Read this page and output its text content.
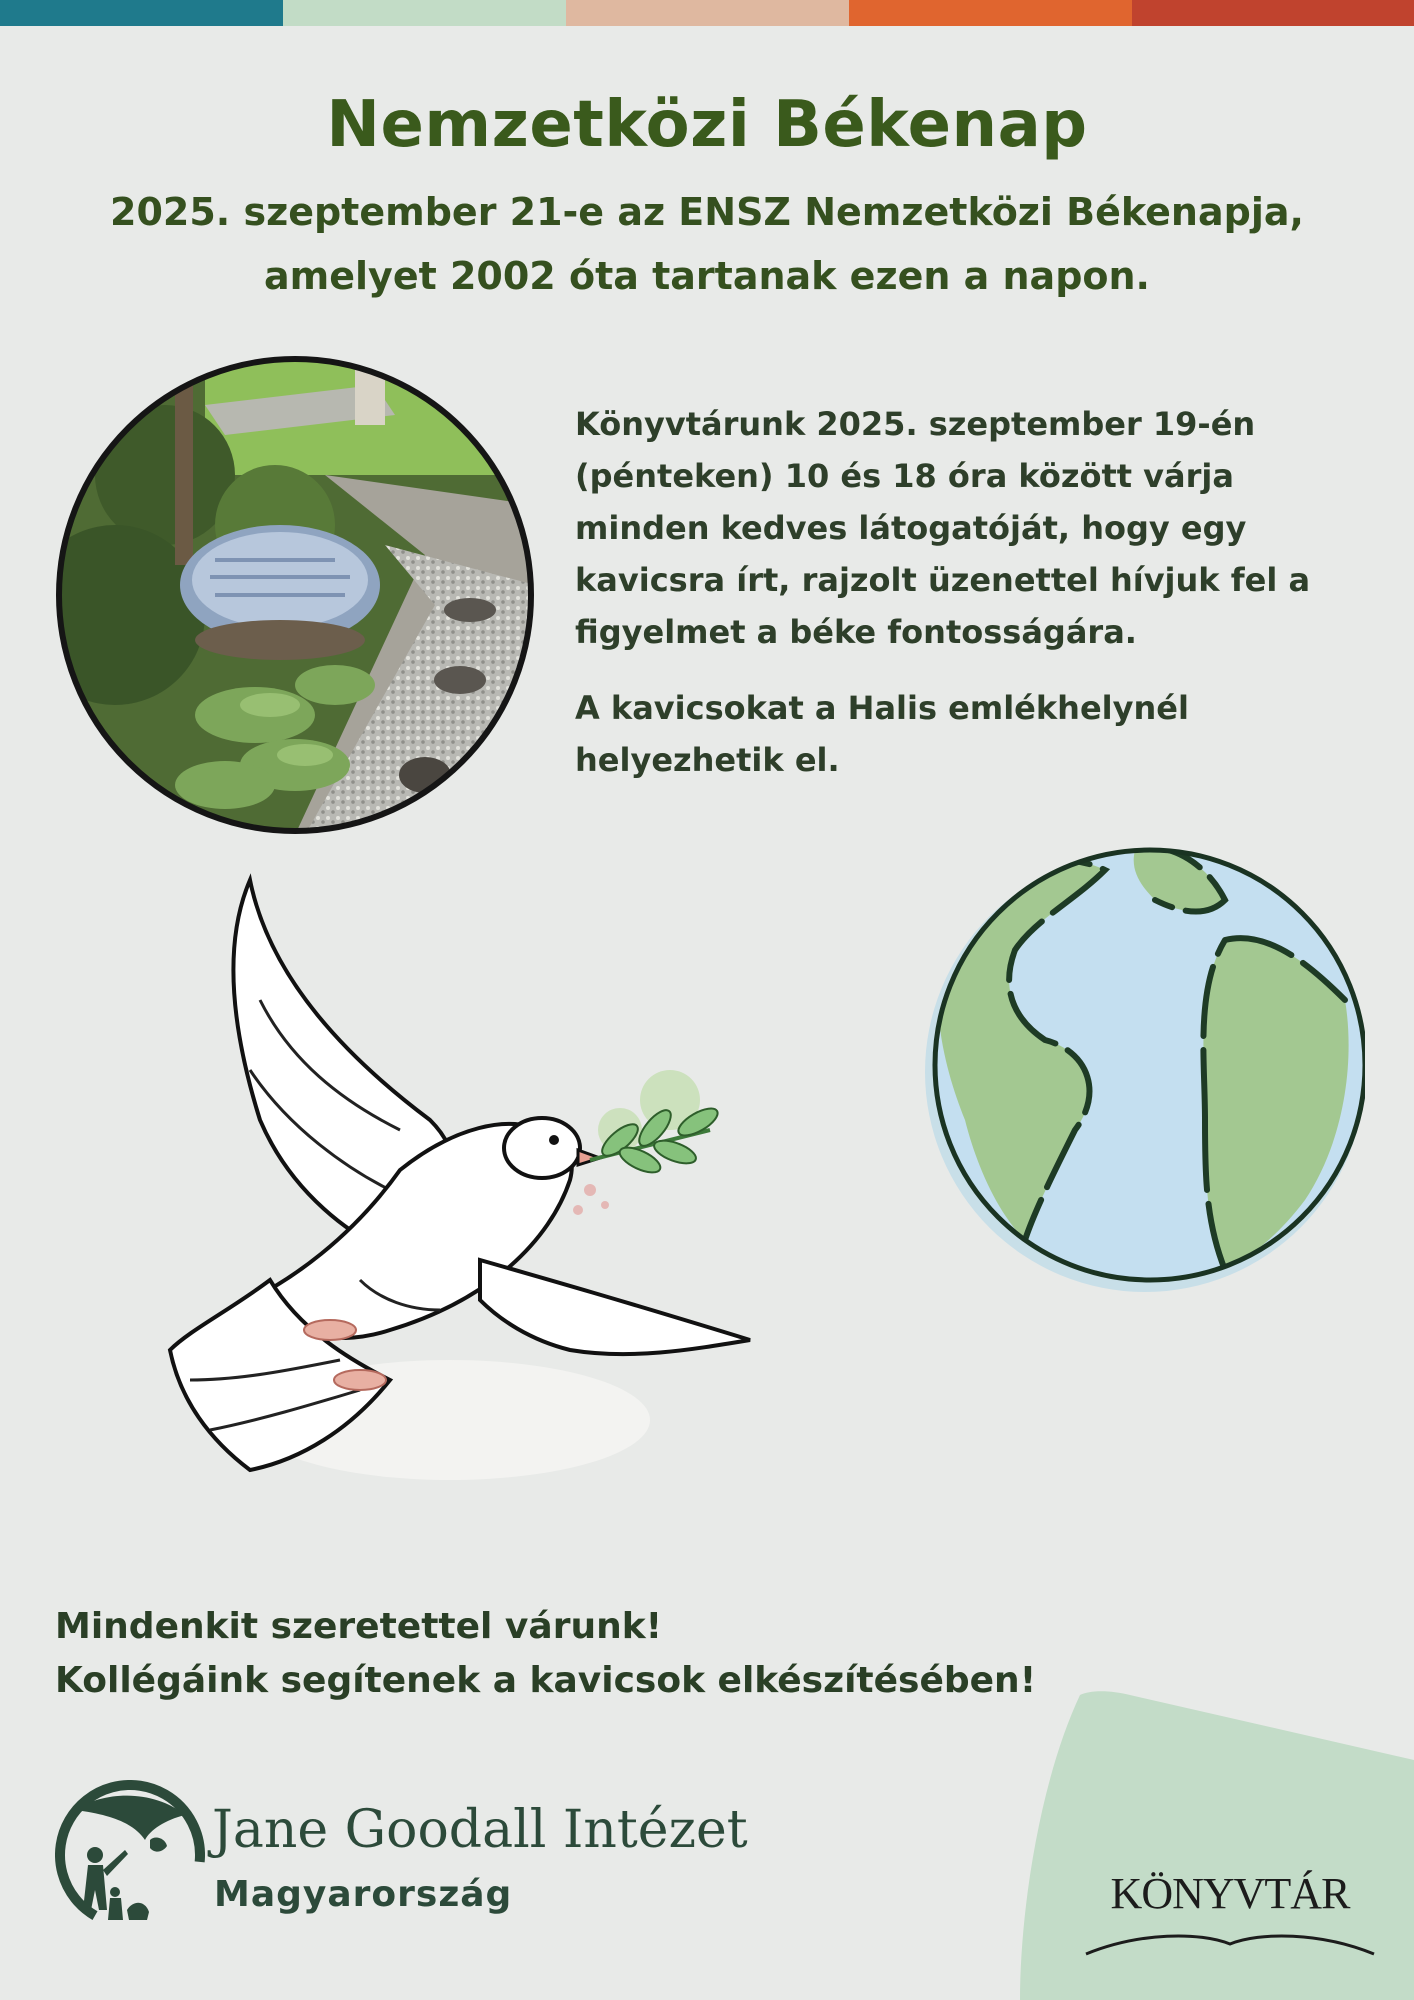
Nemzetközi Békenap
2025. szeptember 21-e az ENSZ Nemzetközi Békenapja,
amelyet 2002 óta tartanak ezen a napon.

Könyvtárunk 2025. szeptember 19-én (pénteken) 10 és 18 óra között várja minden kedves látogatóját, hogy egy kavicsra írt, rajzolt üzenettel hívjuk fel a figyelmet a béke fontosságára.

A kavicsokat a Halis emlékhelynél helyezhetik el.

Mindenkit szeretettel várunk!
Kollégáink segítenek a kavicsok elkészítésében!
Jane Goodall Intézet
Magyarország	KÖNYVTÁR
